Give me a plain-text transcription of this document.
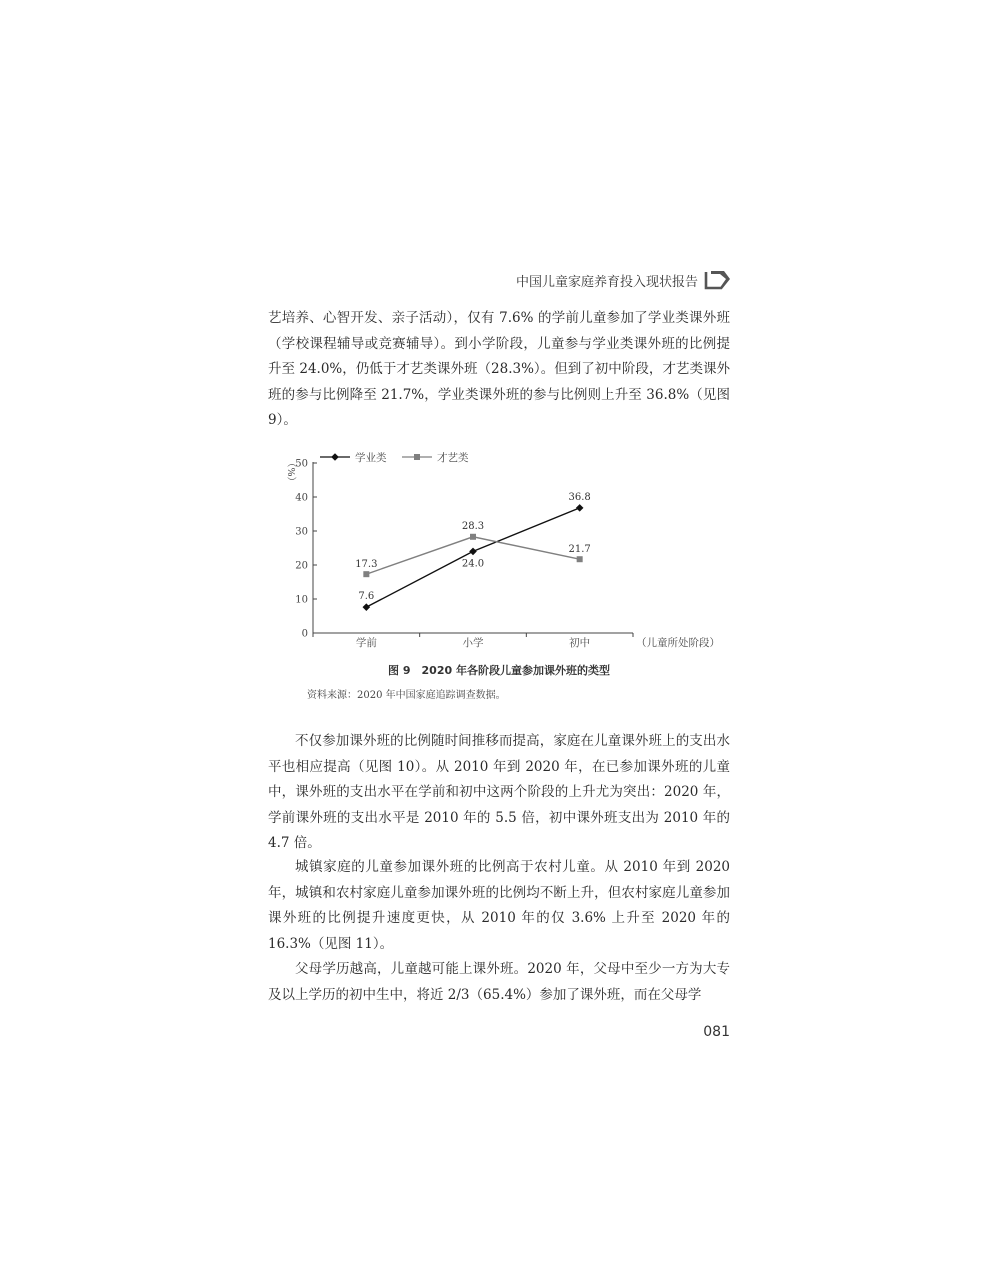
中国儿童家庭养育投入现状报告

艺培养、心智开发、亲子活动），仅有 7.6% 的学前儿童参加了学业类课外班（学校课程辅导或竞赛辅导）。到小学阶段，儿童参与学业类课外班的比例提升至 24.0%，仍低于才艺类课外班（28.3%）。但到了初中阶段，才艺类课外班的参与比例降至 21.7%，学业类课外班的参与比例则上升至 36.8%（见图 9）。

0
10
20
30
40
50
学前	小学	初中	（儿童所处阶段）
（%）
7.6
24.0
36.8
17.3
28.3
21.7
学业类	才艺类
图 9　2020 年各阶段儿童参加课外班的类型
资料来源：2020 年中国家庭追踪调查数据。

不仅参加课外班的比例随时间推移而提高，家庭在儿童课外班上的支出水平也相应提高（见图 10）。从 2010 年到 2020 年，在已参加课外班的儿童中，课外班的支出水平在学前和初中这两个阶段的上升尤为突出：2020 年，学前课外班的支出水平是 2010 年的 5.5 倍，初中课外班支出为 2010 年的 4.7 倍。

城镇家庭的儿童参加课外班的比例高于农村儿童。从 2010 年到 2020 年，城镇和农村家庭儿童参加课外班的比例均不断上升，但农村家庭儿童参加课外班的比例提升速度更快，从 2010 年的仅 3.6% 上升至 2020 年的 16.3%（见图 11）。

父母学历越高，儿童越可能上课外班。2020 年，父母中至少一方为大专及以上学历的初中生中，将近 2/3（65.4%）参加了课外班，而在父母学

081
